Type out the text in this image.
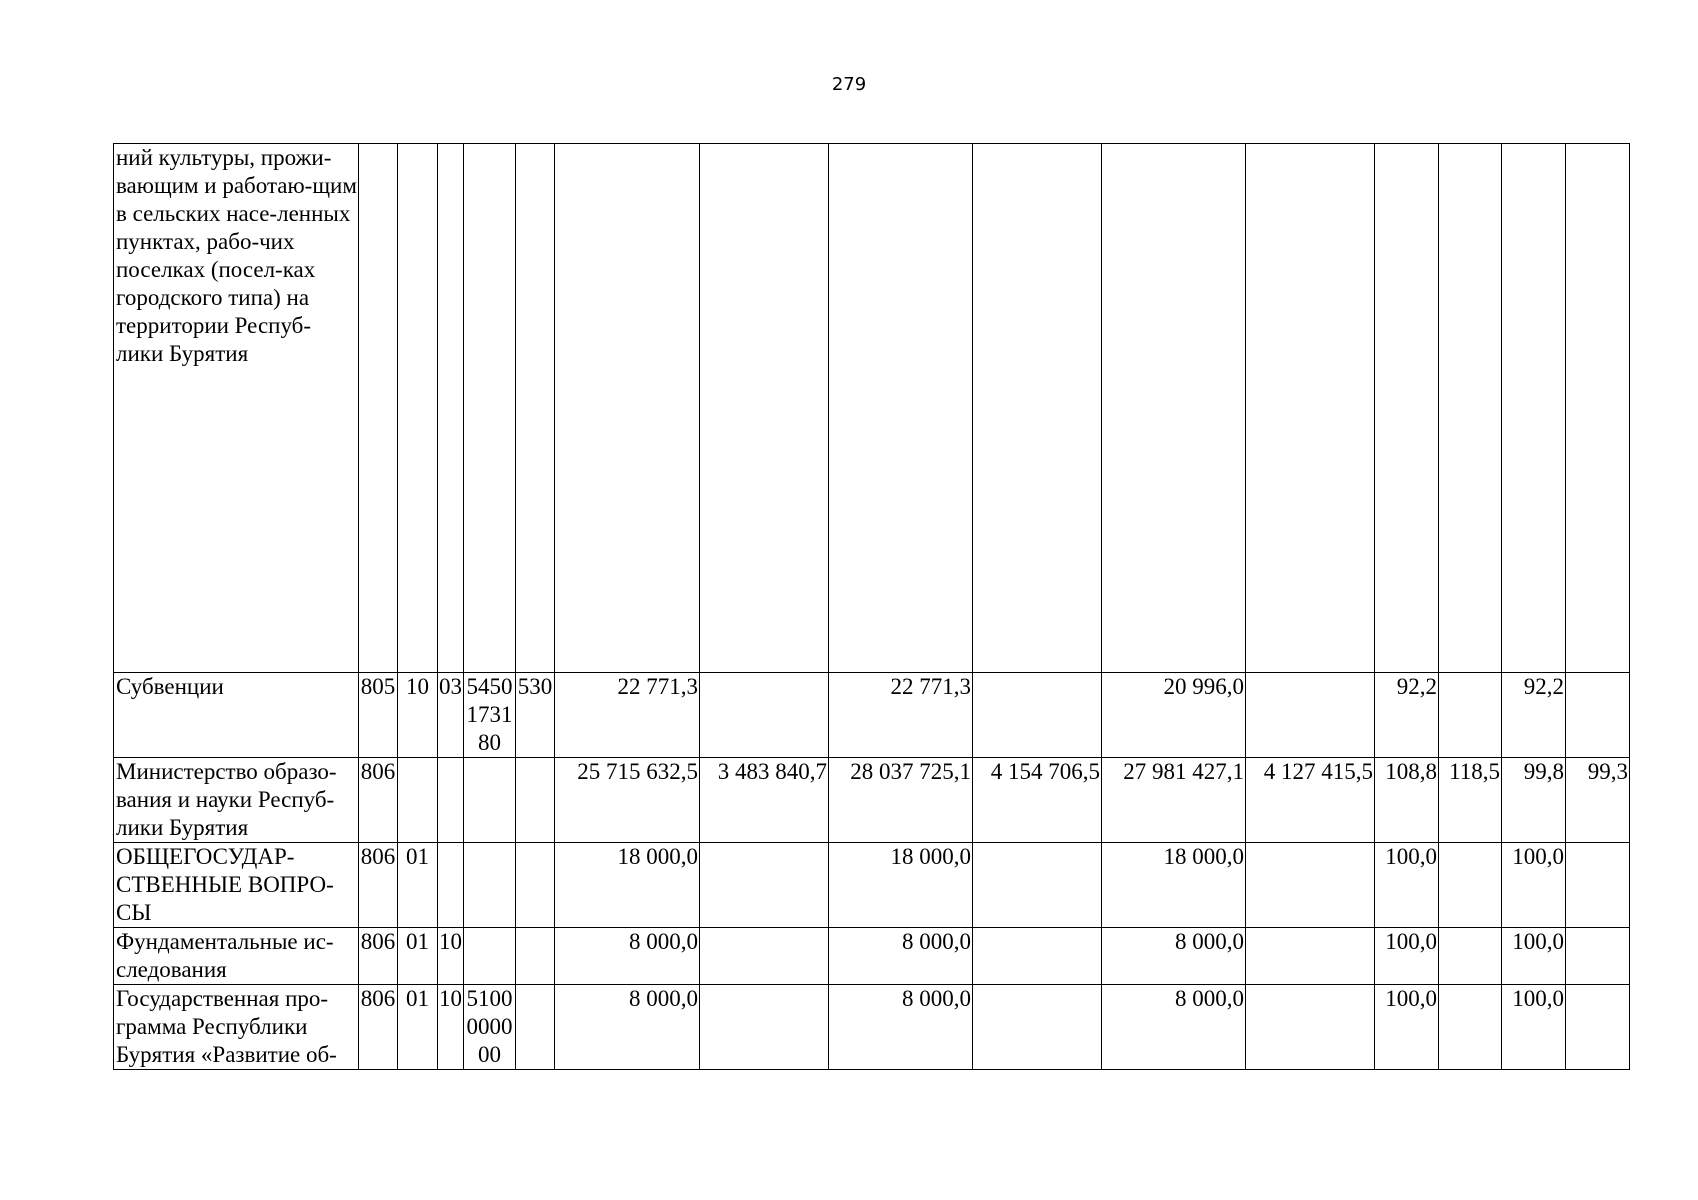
279
ний культуры, прожи-вающим и работаю-щим в сельских насе-ленных пунктах, рабо-чих поселках (посел-ках городского типа) на территории Респуб-лики Бурятия															
Субвенции	805	10	03	5450173180	530	22 771,3		22 771,3		20 996,0		92,2		92,2	
Министерство образо-вания и науки Респуб-лики Бурятия	806					25 715 632,5	3 483 840,7	28 037 725,1	4 154 706,5	27 981 427,1	4 127 415,5	108,8	118,5	99,8	99,3
ОБЩЕГОСУДАР-СТВЕННЫЕ ВОПРО-СЫ	806	01				18 000,0		18 000,0		18 000,0		100,0		100,0	
Фундаментальные ис-следования	806	01	10			8 000,0		8 000,0		8 000,0		100,0		100,0	
Государственная про-грамма Республики Бурятия «Развитие об-	806	01	10	5100000000		8 000,0		8 000,0		8 000,0		100,0		100,0	
